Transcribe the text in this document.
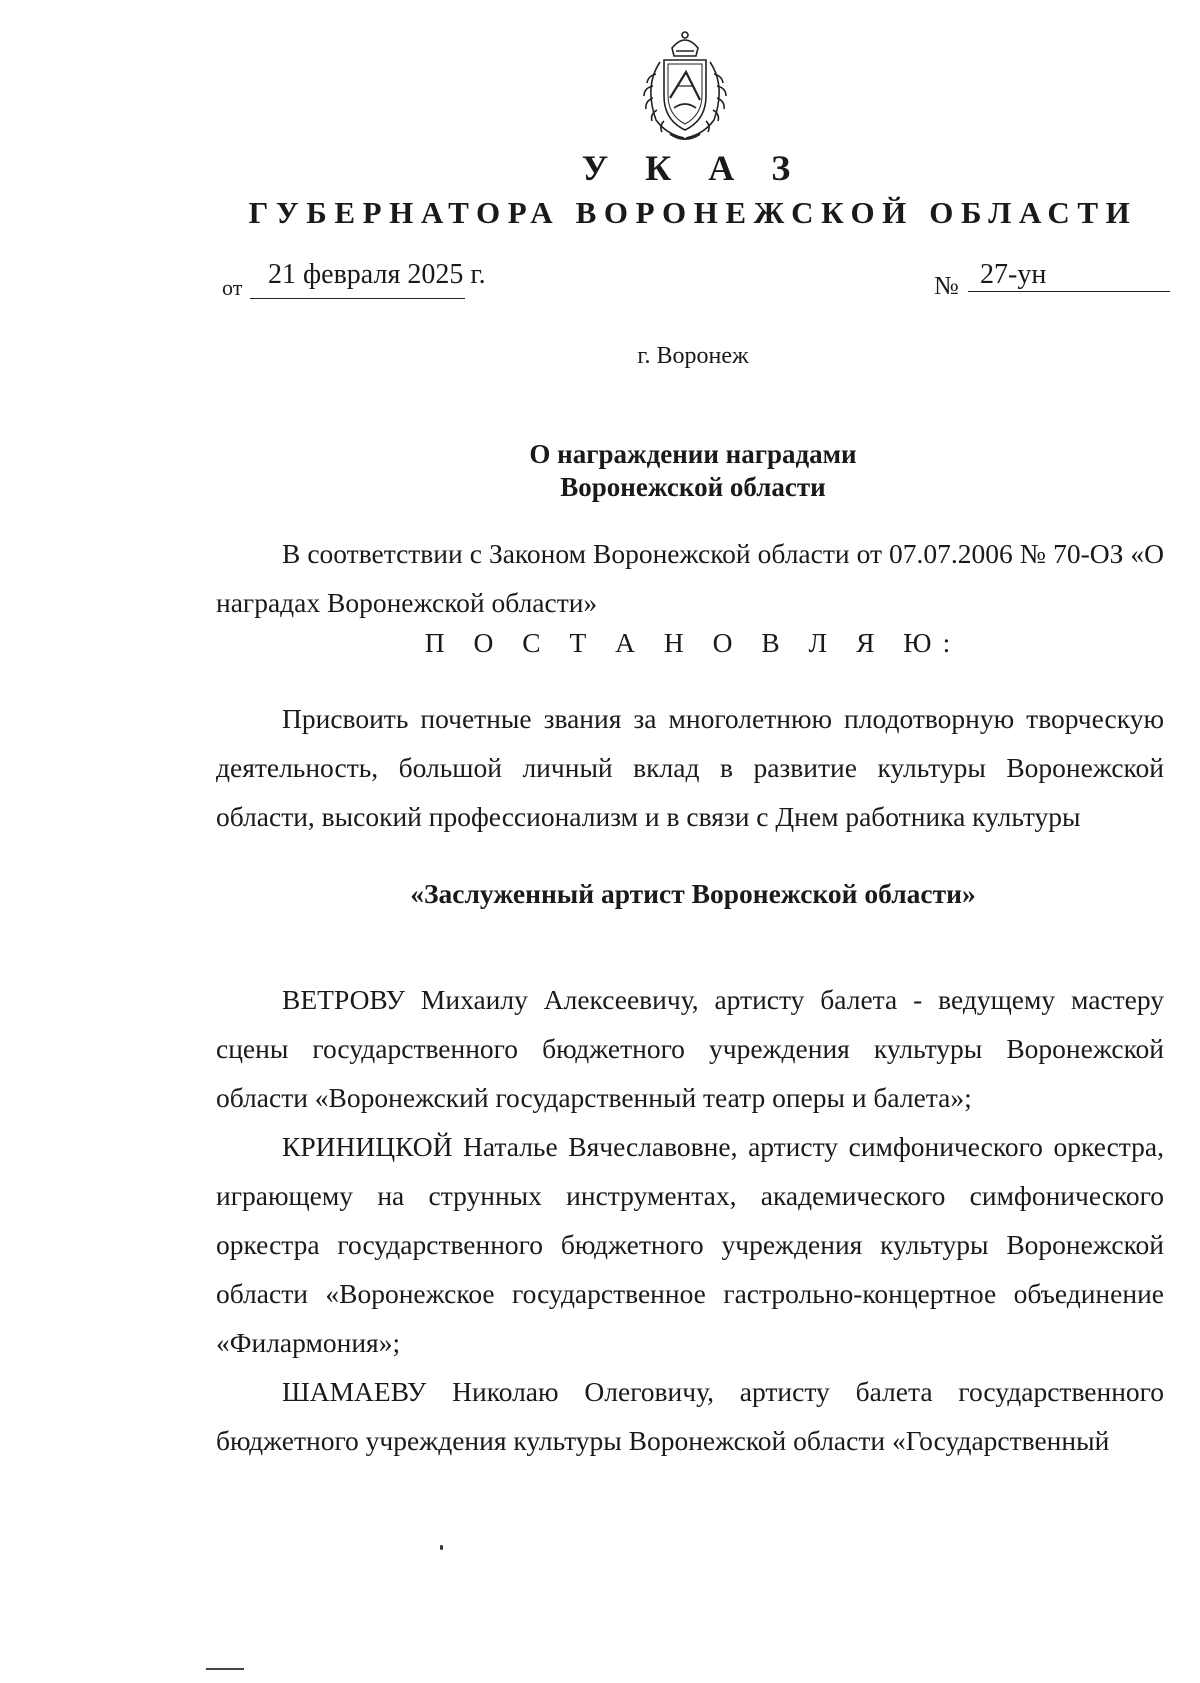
У К А З
ГУБЕРНАТОРА ВОРОНЕЖСКОЙ ОБЛАСТИ
от 21 февраля 2025 г.	№ 27-ун
г. Воронеж
О награждении наградами
Воронежской области

В соответствии с Законом Воронежской области от 07.07.2006 № 70-ОЗ «О наградах Воронежской области»

П О С Т А Н О В Л Я Ю:

Присвоить почетные звания за многолетнюю плодотворную творческую деятельность, большой личный вклад в развитие культуры Воронежской области, высокий профессионализм и в связи с Днем работника культуры

«Заслуженный артист Воронежской области»

ВЕТРОВУ Михаилу Алексеевичу, артисту балета - ведущему мастеру сцены государственного бюджетного учреждения культуры Воронежской области «Воронежский государственный театр оперы и балета»;

КРИНИЦКОЙ Наталье Вячеславовне, артисту симфонического оркестра, играющему на струнных инструментах, академического симфонического оркестра государственного бюджетного учреждения культуры Воронежской области «Воронежское государственное гастрольно-концертное объединение «Филармония»;

ШАМАЕВУ Николаю Олеговичу, артисту балета государственного бюджетного учреждения культуры Воронежской области «Государственный
